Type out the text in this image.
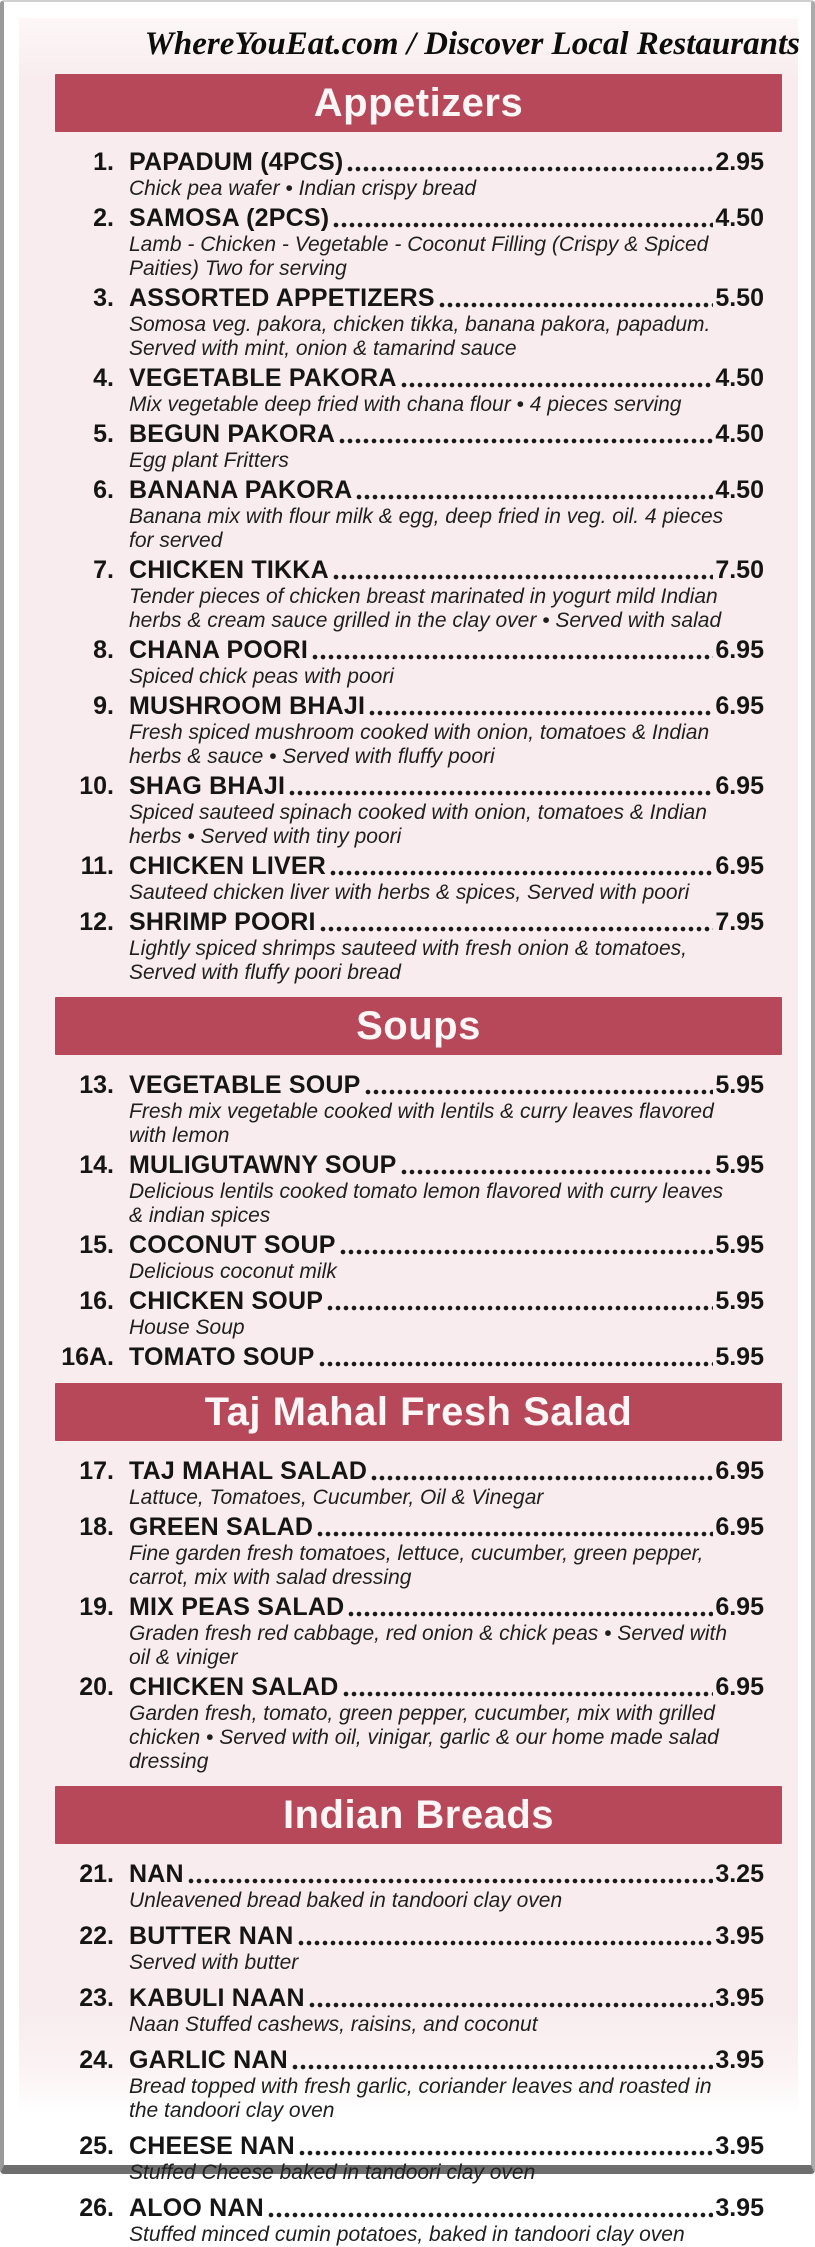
WhereYouEat.com / Discover Local Restaurants
Appetizers
1. PAPADUM (4PCS)	2.95
Chick pea wafer • Indian crispy bread
2. SAMOSA (2PCS)	4.50
Lamb - Chicken - Vegetable - Coconut Filling (Crispy & Spiced Paities) Two for serving
3. ASSORTED APPETIZERS	5.50
Somosa veg. pakora, chicken tikka, banana pakora, papadum. Served with mint, onion & tamarind sauce
4. VEGETABLE PAKORA	4.50
Mix vegetable deep fried with chana flour • 4 pieces serving
5. BEGUN PAKORA	4.50
Egg plant Fritters
6. BANANA PAKORA	4.50
Banana mix with flour milk & egg, deep fried in veg. oil. 4 pieces for served
7. CHICKEN TIKKA	7.50
Tender pieces of chicken breast marinated in yogurt mild Indian herbs & cream sauce grilled in the clay over • Served with salad
8. CHANA POORI	6.95
Spiced chick peas with poori
9. MUSHROOM BHAJI	6.95
Fresh spiced mushroom cooked with onion, tomatoes & Indian herbs & sauce • Served with fluffy poori
10. SHAG BHAJI	6.95
Spiced sauteed spinach cooked with onion, tomatoes & Indian herbs • Served with tiny poori
11. CHICKEN LIVER	6.95
Sauteed chicken liver with herbs & spices, Served with poori
12. SHRIMP POORI	7.95
Lightly spiced shrimps sauteed with fresh onion & tomatoes, Served with fluffy poori bread
Soups
13. VEGETABLE SOUP	5.95
Fresh mix vegetable cooked with lentils & curry leaves flavored with lemon
14. MULIGUTAWNY SOUP	5.95
Delicious lentils cooked tomato lemon flavored with curry leaves & indian spices
15. COCONUT SOUP	5.95
Delicious coconut milk
16. CHICKEN SOUP	5.95
House Soup
16A. TOMATO SOUP	5.95
Taj Mahal Fresh Salad
17. TAJ MAHAL SALAD	6.95
Lattuce, Tomatoes, Cucumber, Oil & Vinegar
18. GREEN SALAD	6.95
Fine garden fresh tomatoes, lettuce, cucumber, green pepper, carrot, mix with salad dressing
19. MIX PEAS SALAD	6.95
Graden fresh red cabbage, red onion & chick peas • Served with oil & viniger
20. CHICKEN SALAD	6.95
Garden fresh, tomato, green pepper, cucumber, mix with grilled chicken • Served with oil, vinigar, garlic & our home made salad dressing
Indian Breads
21. NAN	3.25
Unleavened bread baked in tandoori clay oven
22. BUTTER NAN	3.95
Served with butter
23. KABULI NAAN	3.95
Naan Stuffed cashews, raisins, and coconut
24. GARLIC NAN	3.95
Bread topped with fresh garlic, coriander leaves and roasted in the tandoori clay oven
25. CHEESE NAN	3.95
Stuffed Cheese baked in tandoori clay oven
26. ALOO NAN	3.95
Stuffed minced cumin potatoes, baked in tandoori clay oven
